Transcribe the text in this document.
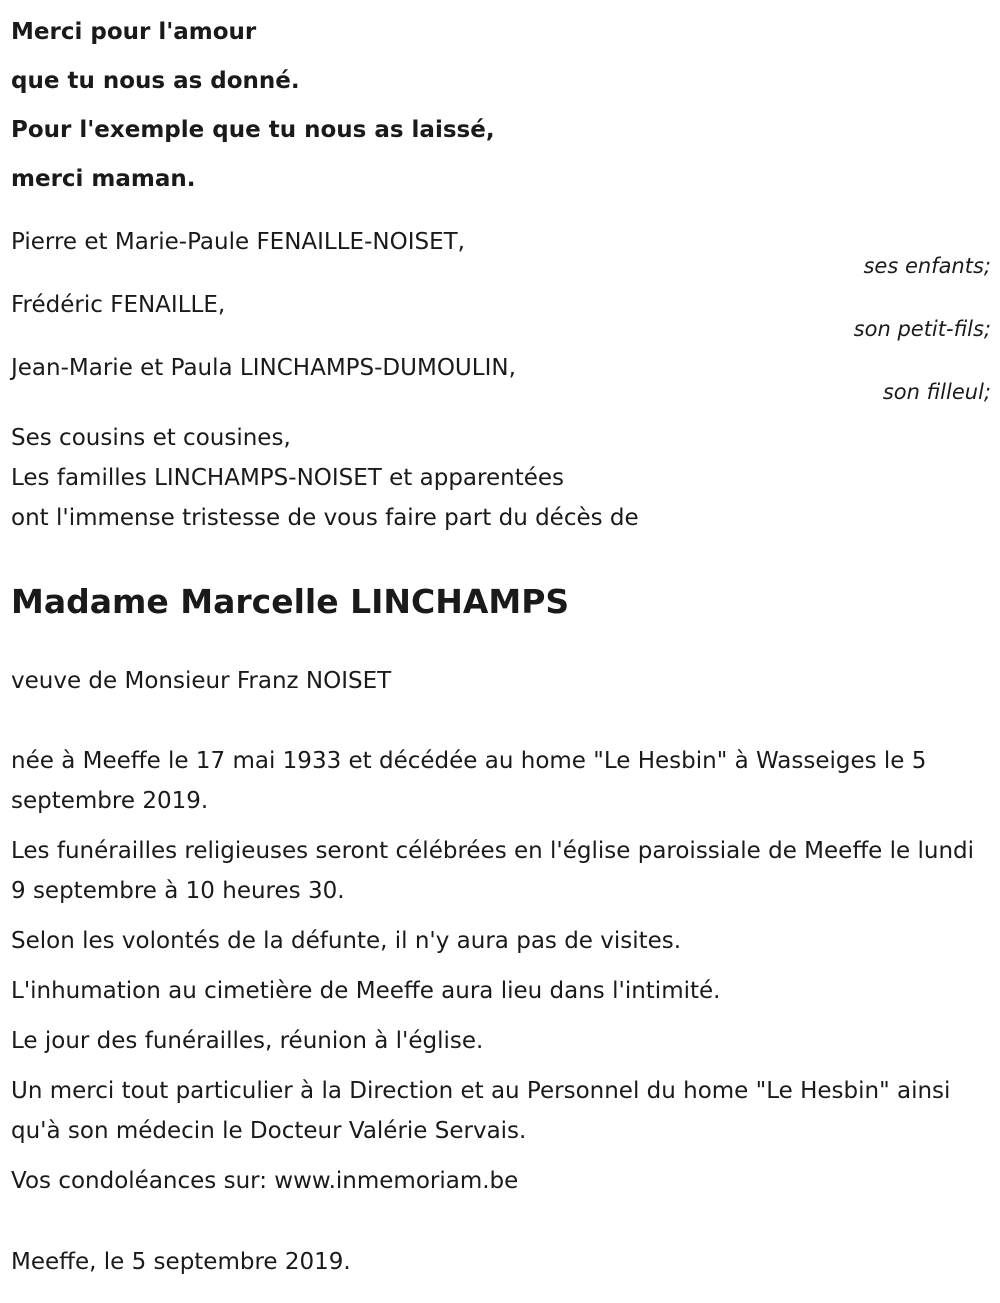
Merci pour l'amour
que tu nous as donné.
Pour l'exemple que tu nous as laissé,
merci maman.
Pierre et Marie-Paule FENAILLE-NOISET,
ses enfants;
Frédéric FENAILLE,
son petit-fils;
Jean-Marie et Paula LINCHAMPS-DUMOULIN,
son filleul;
Ses cousins et cousines,
Les familles LINCHAMPS-NOISET et apparentées
ont l'immense tristesse de vous faire part du décès de
Madame Marcelle LINCHAMPS
veuve de Monsieur Franz NOISET

née à Meeffe le 17 mai 1933 et décédée au home "Le Hesbin" à Wasseiges le 5 septembre 2019.

Les funérailles religieuses seront célébrées en l'église paroissiale de Meeffe le lundi 9 septembre à 10 heures 30.

Selon les volontés de la défunte, il n'y aura pas de visites.

L'inhumation au cimetière de Meeffe aura lieu dans l'intimité.

Le jour des funérailles, réunion à l'église.

Un merci tout particulier à la Direction et au Personnel du home "Le Hesbin" ainsi qu'à son médecin le Docteur Valérie Servais.

Vos condoléances sur: www.inmemoriam.be

Meeffe, le 5 septembre 2019.
